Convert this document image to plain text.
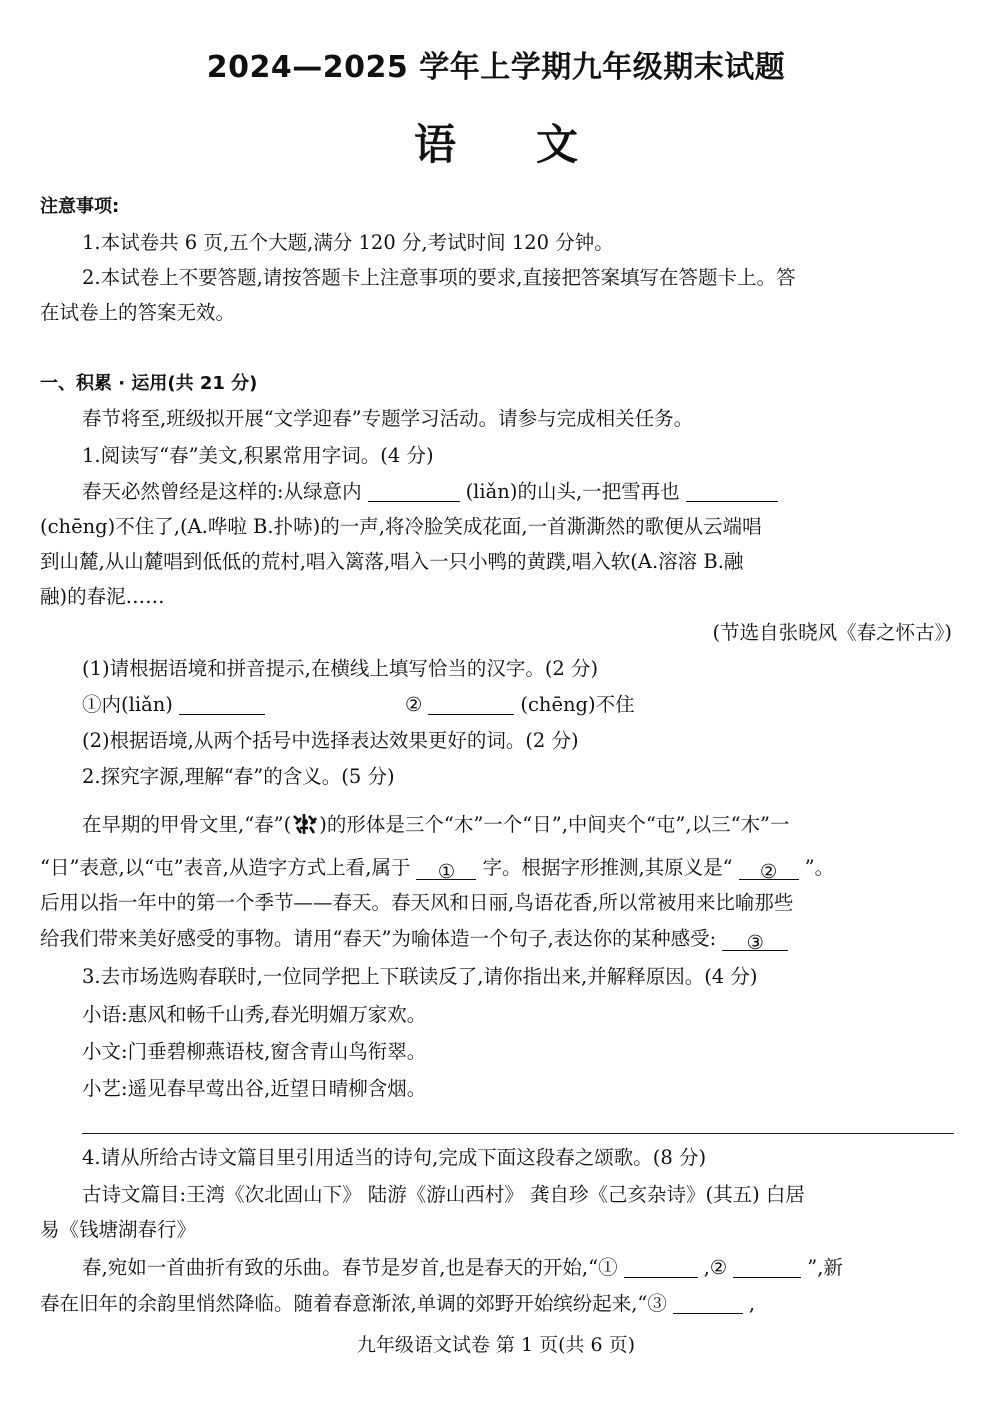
2024—2025 学年上学期九年级期末试题
语文
注意事项:
1.本试卷共 6 页,五个大题,满分 120 分,考试时间 120 分钟。
2.本试卷上不要答题,请按答题卡上注意事项的要求,直接把答案填写在答题卡上。答
在试卷上的答案无效。
一、积累 · 运用(共 21 分)
春节将至,班级拟开展“文学迎春”专题学习活动。请参与完成相关任务。
1.阅读写“春”美文,积累常用字词。(4 分)
春天必然曾经是这样的:从绿意内	(liǎn)的山头,一把雪再也
(chēng)不住了,(A.哗啦 B.扑哧)的一声,将冷脸笑成花面,一首澌澌然的歌便从云端唱
到山麓,从山麓唱到低低的荒村,唱入篱落,唱入一只小鸭的黄蹼,唱入软(A.溶溶 B.融
融)的春泥……
(节选自张晓风《春之怀古》)
(1)请根据语境和拼音提示,在横线上填写恰当的汉字。(2 分)
①内(liǎn)	②	(chēng)不住
(2)根据语境,从两个括号中选择表达效果更好的词。(2 分)
2.探究字源,理解“春”的含义。(5 分)
在早期的甲骨文里,“春”( )的形体是三个“木”一个“日”,中间夹个“屯”,以三“木”一
“日”表意,以“屯”表音,从造字方式上看,属于 ① 字。根据字形推测,其原义是“ ② ”。
后用以指一年中的第一个季节——春天。春天风和日丽,鸟语花香,所以常被用来比喻那些
给我们带来美好感受的事物。请用“春天”为喻体造一个句子,表达你的某种感受: ③
3.去市场选购春联时,一位同学把上下联读反了,请你指出来,并解释原因。(4 分)
小语:惠风和畅千山秀,春光明媚万家欢。
小文:门垂碧柳燕语枝,窗含青山鸟衔翠。
小艺:遥见春早莺出谷,近望日晴柳含烟。
4.请从所给古诗文篇目里引用适当的诗句,完成下面这段春之颂歌。(8 分)
古诗文篇目:王湾《次北固山下》 陆游《游山西村》 龚自珍《己亥杂诗》(其五) 白居
易《钱塘湖春行》
春,宛如一首曲折有致的乐曲。春节是岁首,也是春天的开始,“①	,②	”,新
春在旧年的余韵里悄然降临。随着春意渐浓,单调的郊野开始缤纷起来,“③	,
九年级语文试卷 第 1 页(共 6 页)
